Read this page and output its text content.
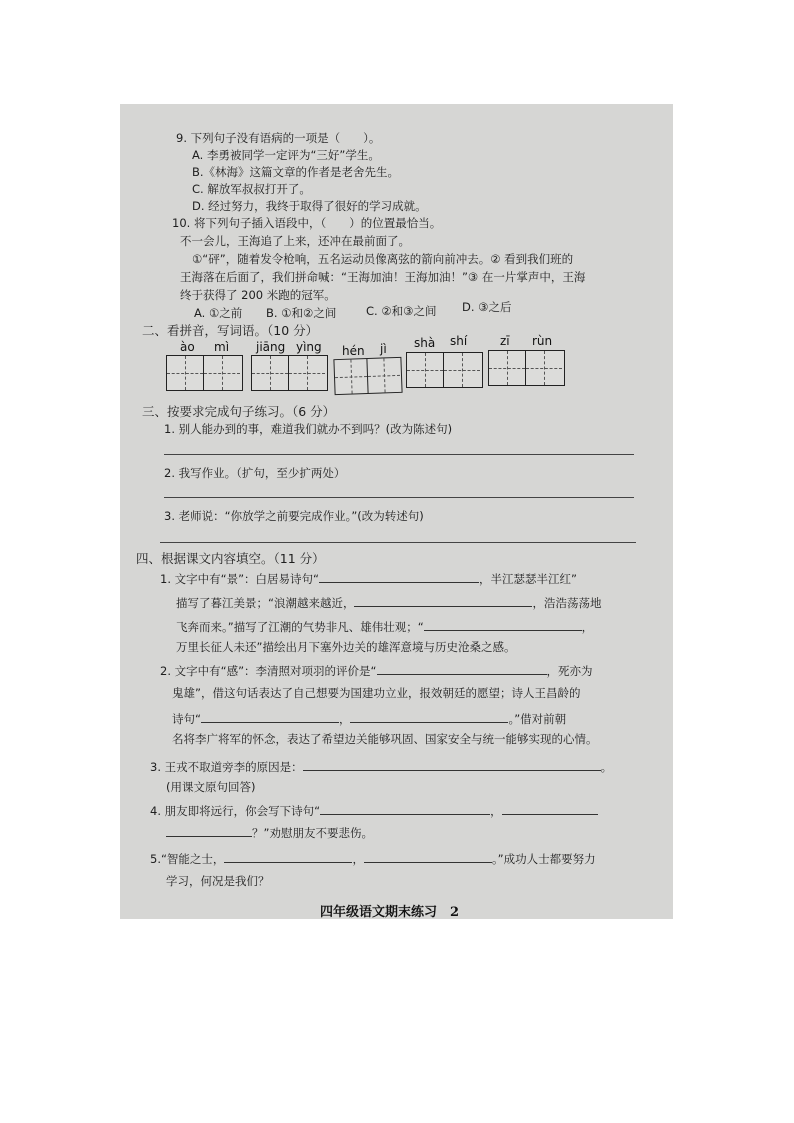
9. 下列句子没有语病的一项是（　　）。
A. 李勇被同学一定评为“三好”学生。
B.《林海》这篇文章的作者是老舍先生。
C. 解放军叔叔打开了。
D. 经过努力，我终于取得了很好的学习成就。
10. 将下列句子插入语段中，（　　）的位置最恰当。
不一会儿，王海追了上来，还冲在最前面了。
①“砰”，随着发令枪响，五名运动员像离弦的箭向前冲去。② 看到我们班的
王海落在后面了，我们拼命喊：“王海加油！王海加油！”③ 在一片掌声中，王海
终于获得了 200 米跑的冠军。
A. ①之前 B. ①和②之间	C. ②和③之间 D. ③之后
二、看拼音，写词语。（10 分）
ào mì jiāng yìng hén jì shà shí	zī rùn
三、按要求完成句子练习。（6 分）
1. 别人能办到的事，难道我们就办不到吗？(改为陈述句)
2. 我写作业。（扩句，至少扩两处）
3. 老师说：“你放学之前要完成作业。”(改为转述句)
四、根据课文内容填空。（11 分）
1. 文字中有“景”：白居易诗句“	，半江瑟瑟半江红”
描写了暮江美景；“浪潮越来越近，	，浩浩荡荡地
飞奔而来。”描写了江潮的气势非凡、雄伟壮观；“	，
万里长征人未还”描绘出月下塞外边关的雄浑意境与历史沧桑之感。
2. 文字中有“感”：李清照对项羽的评价是“	，死亦为
鬼雄”，借这句话表达了自己想要为国建功立业，报效朝廷的愿望；诗人王昌龄的
诗句“	，	。”借对前朝
名将李广将军的怀念，表达了希望边关能够巩固、国家安全与统一能够实现的心情。
3. 王戎不取道旁李的原因是：	。
(用课文原句回答)
4. 朋友即将远行，你会写下诗句“	，
？”劝慰朋友不要悲伤。
5.“智能之士，	，	。”成功人士都要努力
学习，何况是我们？
四年级语文期末练习　2
